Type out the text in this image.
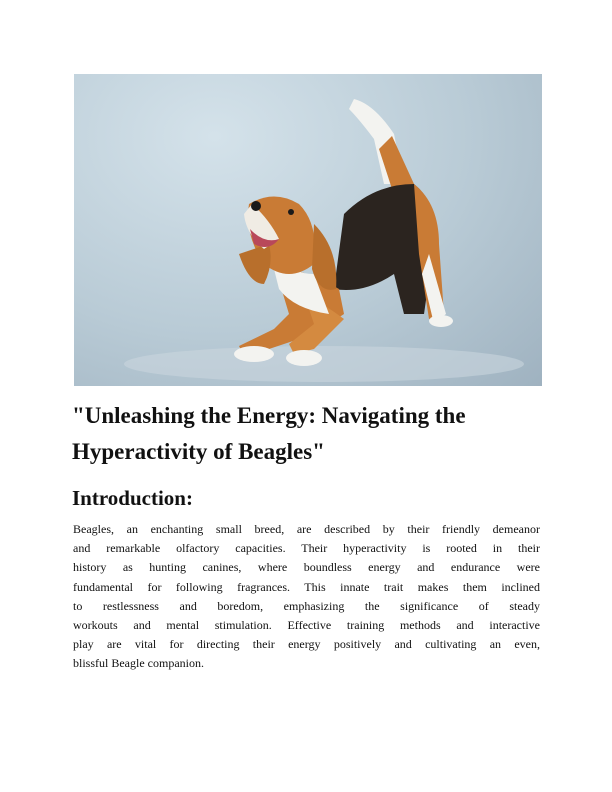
"Unleashing the Energy: Navigating the
Hyperactivity of Beagles"
Introduction:
Beagles, an enchanting small breed, are described by their friendly demeanor
and remarkable olfactory capacities. Their hyperactivity is rooted in their
history as hunting canines, where boundless energy and endurance were
fundamental for following fragrances. This innate trait makes them inclined
to restlessness and boredom, emphasizing the significance of steady
workouts and mental stimulation. Effective training methods and interactive
play are vital for directing their energy positively and cultivating an even,
blissful Beagle companion.
